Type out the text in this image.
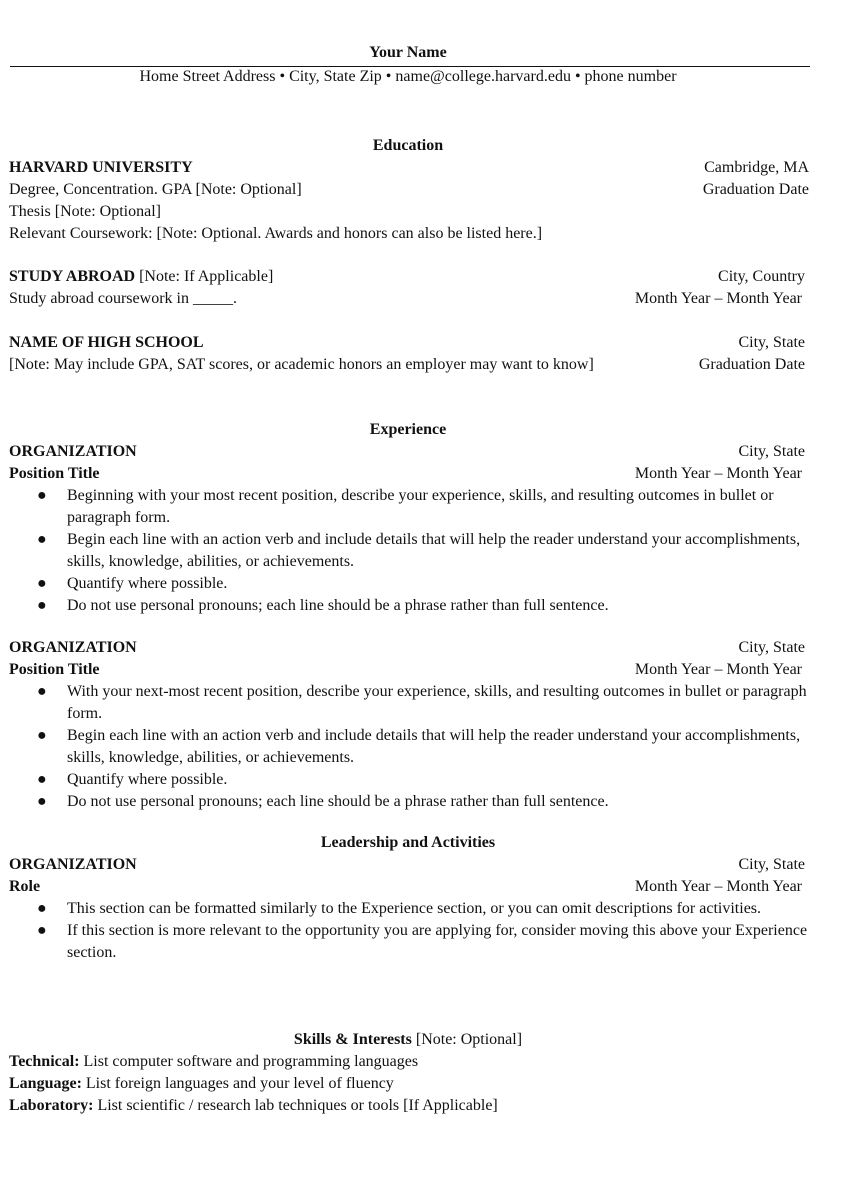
Your Name
Home Street Address • City, State Zip • name@college.harvard.edu • phone number
Education
HARVARD UNIVERSITY	Cambridge, MA
Degree, Concentration. GPA [Note: Optional]	Graduation Date
Thesis [Note: Optional]
Relevant Coursework: [Note: Optional. Awards and honors can also be listed here.]
STUDY ABROAD [Note: If Applicable]	City, Country
Study abroad coursework in _____.	Month Year – Month Year
NAME OF HIGH SCHOOL	City, State
[Note: May include GPA, SAT scores, or academic honors an employer may want to know]	Graduation Date
Experience
ORGANIZATION	City, State
Position Title	Month Year – Month Year
● Beginning with your most recent position, describe your experience, skills, and resulting outcomes in bullet or paragraph form.
● Begin each line with an action verb and include details that will help the reader understand your accomplishments, skills, knowledge, abilities, or achievements.
● Quantify where possible.
● Do not use personal pronouns; each line should be a phrase rather than full sentence.
ORGANIZATION	City, State
Position Title	Month Year – Month Year
● With your next-most recent position, describe your experience, skills, and resulting outcomes in bullet or paragraph form.
● Begin each line with an action verb and include details that will help the reader understand your accomplishments, skills, knowledge, abilities, or achievements.
● Quantify where possible.
● Do not use personal pronouns; each line should be a phrase rather than full sentence.
Leadership and Activities
ORGANIZATION	City, State
Role	Month Year – Month Year
● This section can be formatted similarly to the Experience section, or you can omit descriptions for activities.
● If this section is more relevant to the opportunity you are applying for, consider moving this above your Experience section.
Skills & Interests [Note: Optional]
Technical: List computer software and programming languages
Language: List foreign languages and your level of fluency
Laboratory: List scientific / research lab techniques or tools [If Applicable]
